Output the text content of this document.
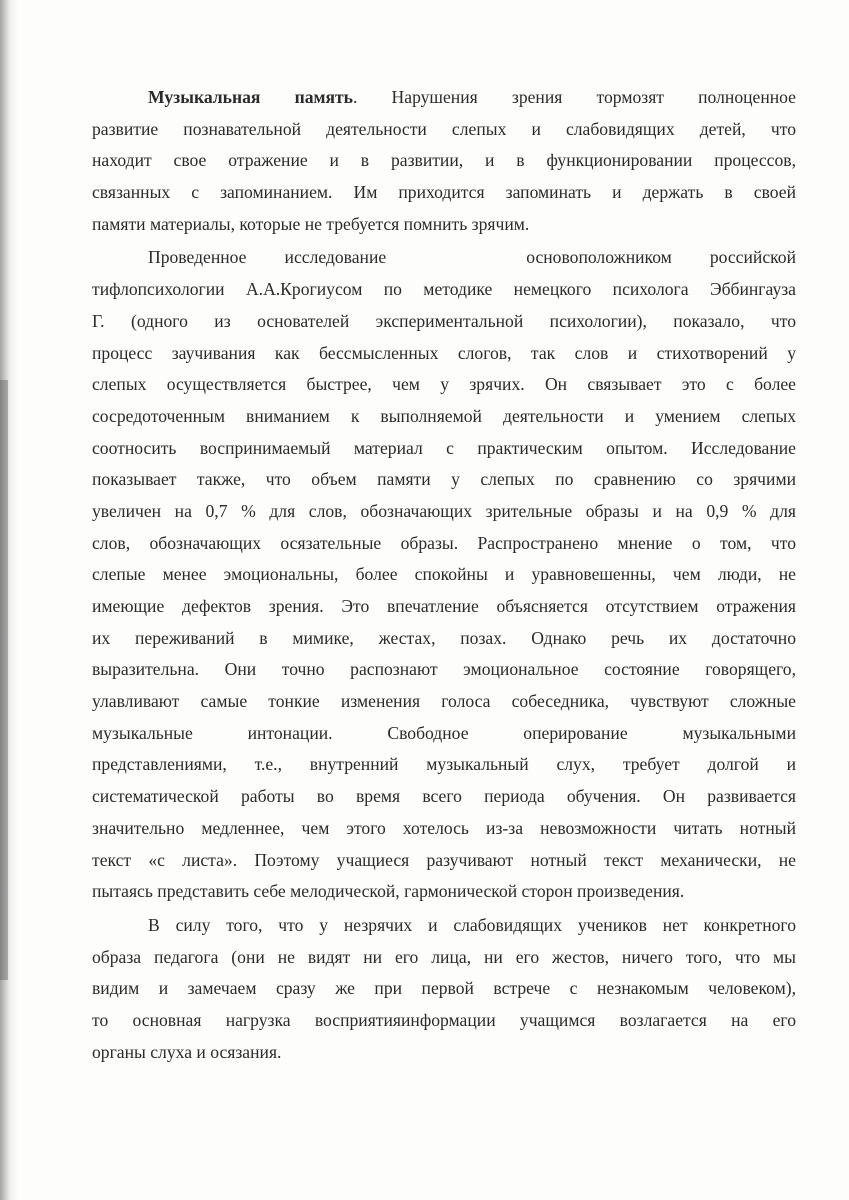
Музыкальная память. Нарушения зрения тормозят полноценное
развитие познавательной деятельности слепых и слабовидящих детей, что
находит свое отражение и в развитии, и в функционировании процессов,
связанных с запоминанием. Им приходится запоминать и держать в своей
памяти материалы, которые не требуется помнить зрячим.
Проведенное исследование	основоположником российской
тифлопсихологии А.А.Крогиусом по методике немецкого психолога Эббингауза
Г. (одного из основателей экспериментальной психологии), показало, что
процесс заучивания как бессмысленных слогов, так слов и стихотворений у
слепых осуществляется быстрее, чем у зрячих. Он связывает это с более
сосредоточенным вниманием к выполняемой деятельности и умением слепых
соотносить воспринимаемый материал с практическим опытом. Исследование
показывает также, что объем памяти у слепых по сравнению со зрячими
увеличен на 0,7 % для слов, обозначающих зрительные образы и на 0,9 % для
слов, обозначающих осязательные образы. Распространено мнение о том, что
слепые менее эмоциональны, более спокойны и уравновешенны, чем люди, не
имеющие дефектов зрения. Это впечатление объясняется отсутствием отражения
их переживаний в мимике, жестах, позах. Однако речь их достаточно
выразительна. Они точно распознают эмоциональное состояние говорящего,
улавливают самые тонкие изменения голоса собеседника, чувствуют сложные
музыкальные интонации. Свободное оперирование музыкальными
представлениями, т.е., внутренний музыкальный слух, требует долгой и
систематической работы во время всего периода обучения. Он развивается
значительно медленнее, чем этого хотелось из-за невозможности читать нотный
текст «с листа». Поэтому учащиеся разучивают нотный текст механически, не
пытаясь представить себе мелодической, гармонической сторон произведения.
В силу того, что у незрячих и слабовидящих учеников нет конкретного
образа педагога (они не видят ни его лица, ни его жестов, ничего того, что мы
видим и замечаем сразу же при первой встрече с незнакомым человеком),
то основная нагрузка восприятияинформации учащимся возлагается на его
органы слуха и осязания.
